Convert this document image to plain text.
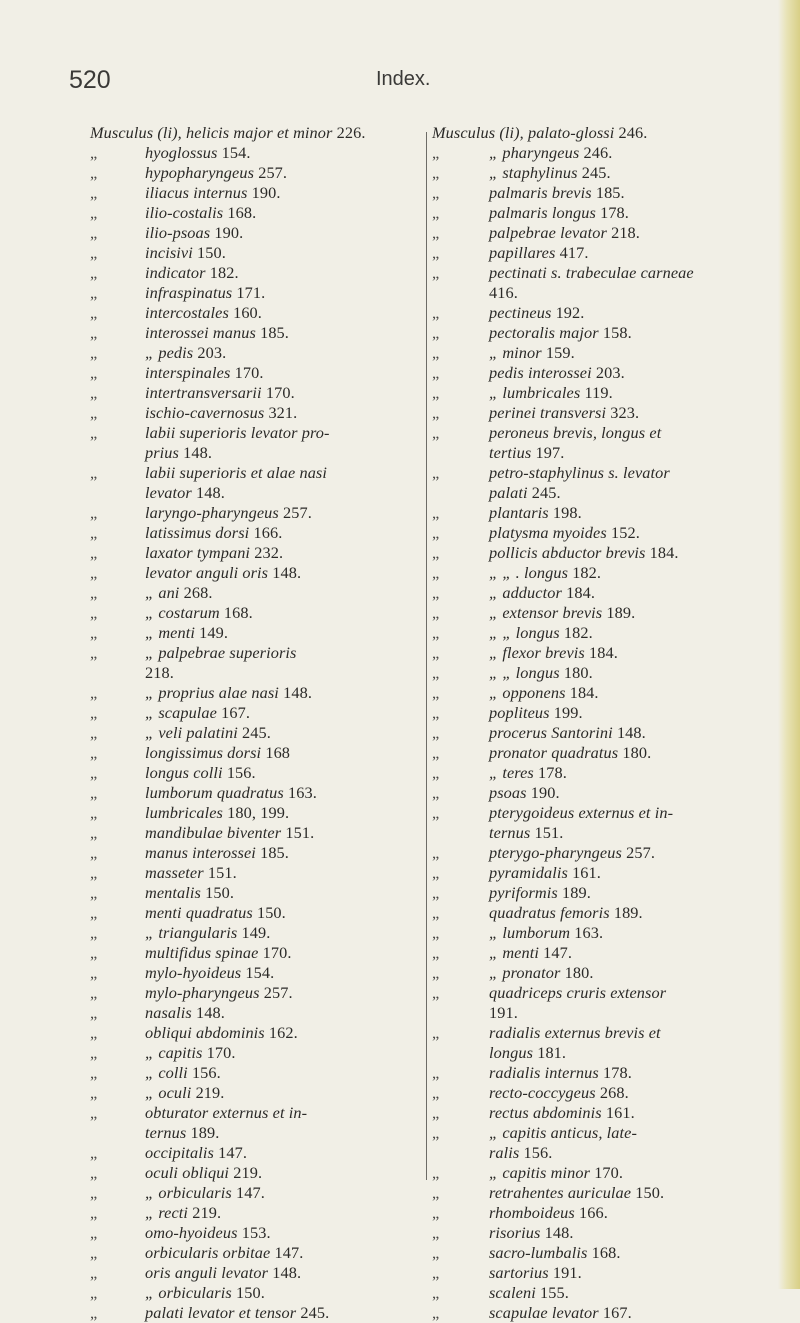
520	Index.
Musculus (li), helicis major et minor 226.
„	hyoglossus 154.
„	hypopharyngeus 257.
„	iliacus internus 190.
„	ilio-costalis 168.
„	ilio-psoas 190.
„	incisivi 150.
„	indicator 182.
„	infraspinatus 171.
„	intercostales 160.
„	interossei manus 185.
„	„ pedis 203.
„	interspinales 170.
„	intertransversarii 170.
„	ischio-cavernosus 321.
„	labii superioris levator pro-
prius 148.
„	labii superioris et alae nasi
levator 148.
„	laryngo-pharyngeus 257.
„	latissimus dorsi 166.
„	laxator tympani 232.
„	levator anguli oris 148.
„	„ ani 268.
„	„ costarum 168.
„	„ menti 149.
„	„ palpebrae superioris
218.
„	„ proprius alae nasi 148.
„	„ scapulae 167.
„	„ veli palatini 245.
„	longissimus dorsi 168
„	longus colli 156.
„	lumborum quadratus 163.
„	lumbricales 180, 199.
„	mandibulae biventer 151.
„	manus interossei 185.
„	masseter 151.
„	mentalis 150.
„	menti quadratus 150.
„	„ triangularis 149.
„	multifidus spinae 170.
„	mylo-hyoideus 154.
„	mylo-pharyngeus 257.
„	nasalis 148.
„	obliqui abdominis 162.
„	„ capitis 170.
„	„ colli 156.
„	„ oculi 219.
„	obturator externus et in-
ternus 189.
„	occipitalis 147.
„	oculi obliqui 219.
„	„ orbicularis 147.
„	„ recti 219.
„	omo-hyoideus 153.
„	orbicularis orbitae 147.
„	oris anguli levator 148.
„	„ orbicularis 150.
„	palati levator et tensor 245.
Musculus (li), palato-glossi 246.
„	„ pharyngeus 246.
„	„ staphylinus 245.
„	palmaris brevis 185.
„	palmaris longus 178.
„	palpebrae levator 218.
„	papillares 417.
„	pectinati s. trabeculae carneae
416.
„	pectineus 192.
„	pectoralis major 158.
„	„ minor 159.
„	pedis interossei 203.
„	„ lumbricales 119.
„	perinei transversi 323.
„	peroneus brevis, longus et
tertius 197.
„	petro-staphylinus s. levator
palati 245.
„	plantaris 198.
„	platysma myoides 152.
„	pollicis abductor brevis 184.
„	„ „ . longus 182.
„	„ adductor 184.
„	„ extensor brevis 189.
„	„ „ longus 182.
„	„ flexor brevis 184.
„	„ „ longus 180.
„	„ opponens 184.
„	popliteus 199.
„	procerus Santorini 148.
„	pronator quadratus 180.
„	„ teres 178.
„	psoas 190.
„	pterygoideus externus et in-
ternus 151.
„	pterygo-pharyngeus 257.
„	pyramidalis 161.
„	pyriformis 189.
„	quadratus femoris 189.
„	„ lumborum 163.
„	„ menti 147.
„	„ pronator 180.
„	quadriceps cruris extensor
191.
„	radialis externus brevis et
longus 181.
„	radialis internus 178.
„	recto-coccygeus 268.
„	rectus abdominis 161.
„	„ capitis anticus, late-
ralis 156.
„	„ capitis minor 170.
„	retrahentes auriculae 150.
„	rhomboideus 166.
„	risorius 148.
„	sacro-lumbalis 168.
„	sartorius 191.
„	scaleni 155.
„	scapulae levator 167.
